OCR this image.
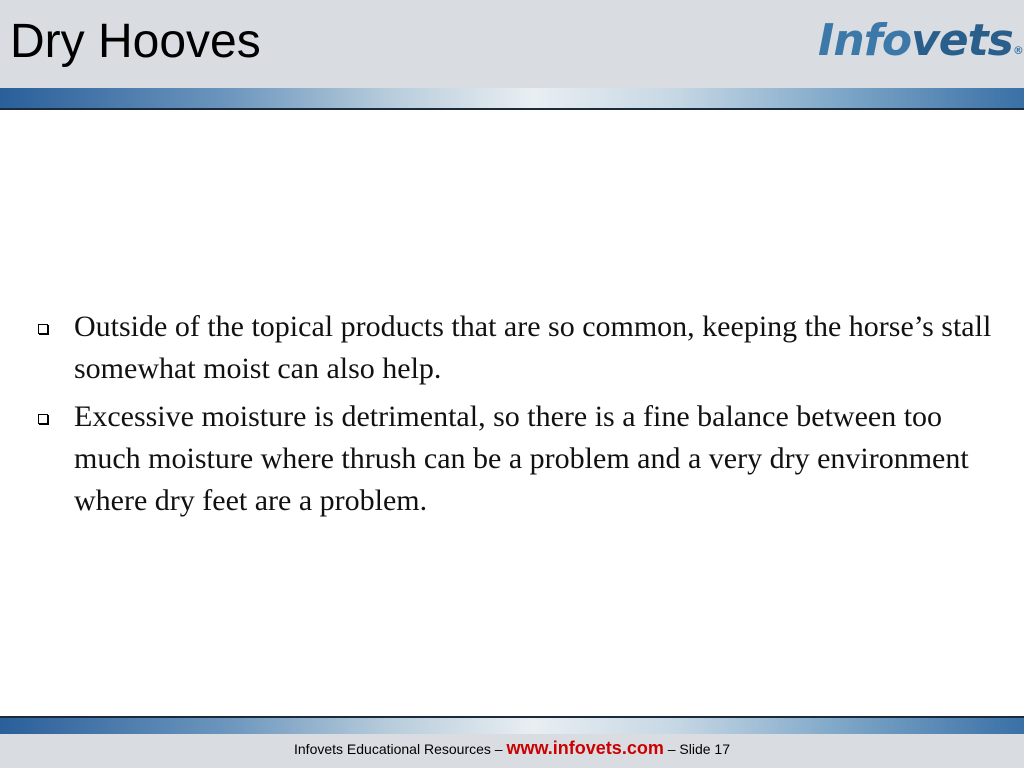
Dry Hooves	Infovets®
Outside of the topical products that are so common, keeping the horse’s stall somewhat moist can also help.
Excessive moisture is detrimental, so there is a fine balance between too much moisture where thrush can be a problem and a very dry environment where dry feet are a problem.
Infovets Educational Resources – www.infovets.com – Slide 17
